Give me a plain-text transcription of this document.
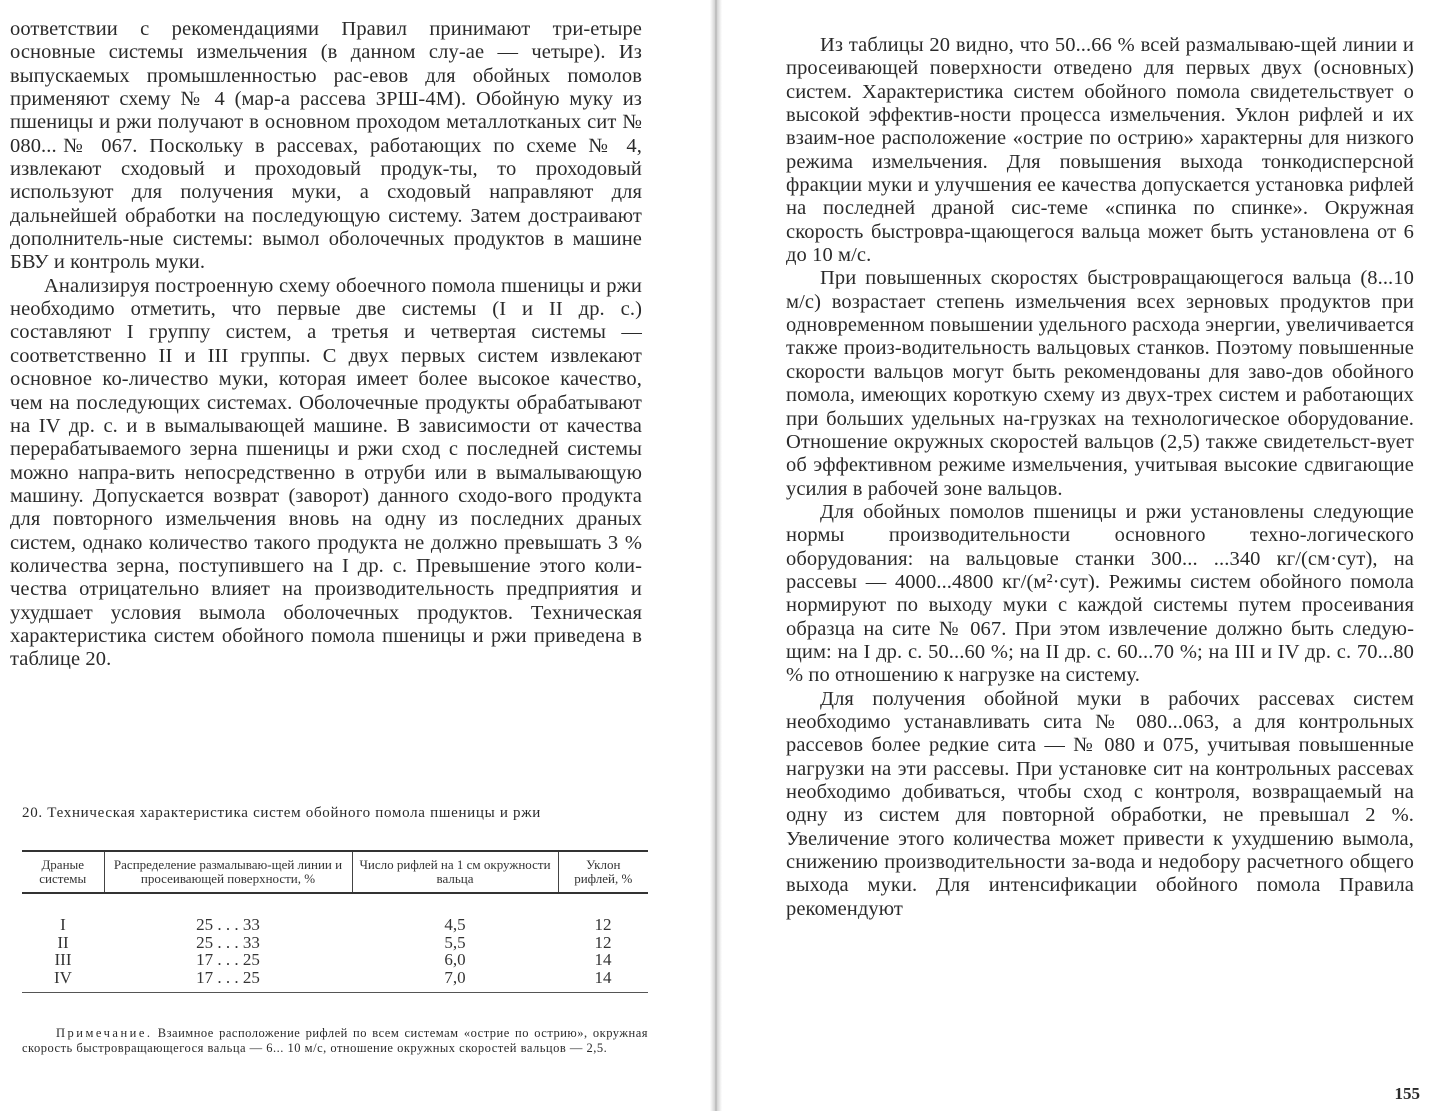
оответствии с рекомендациями Правил принимают три-етыре основные системы измельчения (в данном слу-ае — четыре). Из выпускаемых промышленностью рас-евов для обойных помолов применяют схему № 4 (мар-а рассева ЗРШ-4М). Обойную муку из пшеницы и ржи получают в основном проходом металлотканых сит № 080...№ 067. Поскольку в рассевах, работающих по схеме № 4, извлекают сходовый и проходовый продук-ты, то проходовый используют для получения муки, а сходовый направляют для дальнейшей обработки на последующую систему. Затем достраивают дополнитель-ные системы: вымол оболочечных продуктов в машине БВУ и контроль муки.

Анализируя построенную схему обоечного помола пшеницы и ржи необходимо отметить, что первые две системы (I и II др. с.) составляют I группу систем, а третья и четвертая системы — соответственно II и III группы. С двух первых систем извлекают основное ко-личество муки, которая имеет более высокое качество, чем на последующих системах. Оболочечные продукты обрабатывают на IV др. с. и в вымалывающей машине. В зависимости от качества перерабатываемого зерна пшеницы и ржи сход с последней системы можно напра-вить непосредственно в отруби или в вымалывающую машину. Допускается возврат (заворот) данного сходо-вого продукта для повторного измельчения вновь на одну из последних драных систем, однако количество такого продукта не должно превышать 3 % количества зерна, поступившего на I др. с. Превышение этого коли-чества отрицательно влияет на производительность предприятия и ухудшает условия вымола оболочечных продуктов. Техническая характеристика систем обойного помола пшеницы и ржи приведена в таблице 20.

20. Техническая характеристика систем обойного помола пшеницы и ржи

Драные системы	Распределение размалываю-щей линии и просеивающей поверхности, %	Число рифлей на 1 см окружности вальца	Уклон рифлей, %
I	25 . . . 33	4,5	12
II	25 . . . 33	5,5	12
III	17 . . . 25	6,0	14
IV	17 . . . 25	7,0	14

Примечание. Взаимное расположение рифлей по всем системам «острие по острию», окружная скорость быстровращающегося вальца — 6... 10 м/с, отношение окружных скоростей вальцов — 2,5.

Из таблицы 20 видно, что 50...66 % всей размалываю-щей линии и просеивающей поверхности отведено для первых двух (основных) систем. Характеристика систем обойного помола свидетельствует о высокой эффектив-ности процесса измельчения. Уклон рифлей и их взаим-ное расположение «острие по острию» характерны для низкого режима измельчения. Для повышения выхода тонкодисперсной фракции муки и улучшения ее качества допускается установка рифлей на последней драной сис-теме «спинка по спинке». Окружная скорость быстровра-щающегося вальца может быть установлена от 6 до 10 м/с.

При повышенных скоростях быстровращающегося вальца (8...10 м/с) возрастает степень измельчения всех зерновых продуктов при одновременном повышении удельного расхода энергии, увеличивается также произ-водительность вальцовых станков. Поэтому повышенные скорости вальцов могут быть рекомендованы для заво-дов обойного помола, имеющих короткую схему из двух-трех систем и работающих при больших удельных на-грузках на технологическое оборудование. Отношение окружных скоростей вальцов (2,5) также свидетельст-вует об эффективном режиме измельчения, учитывая высокие сдвигающие усилия в рабочей зоне вальцов.

Для обойных помолов пшеницы и ржи установлены следующие нормы производительности основного техно-логического оборудования: на вальцовые станки 300... ...340 кг/(см·сут), на рассевы — 4000...4800 кг/(м²·сут). Режимы систем обойного помола нормируют по выходу муки с каждой системы путем просеивания образца на сите № 067. При этом извлечение должно быть следую-щим: на I др. с. 50...60 %; на II др. с. 60...70 %; на III и IV др. с. 70...80 % по отношению к нагрузке на систему.

Для получения обойной муки в рабочих рассевах систем необходимо устанавливать сита № 080...063, а для контрольных рассевов более редкие сита — № 080 и 075, учитывая повышенные нагрузки на эти рассевы. При установке сит на контрольных рассевах необходимо добиваться, чтобы сход с контроля, возвращаемый на одну из систем для повторной обработки, не превышал 2 %. Увеличение этого количества может привести к ухудшению вымола, снижению производительности за-вода и недобору расчетного общего выхода муки. Для интенсификации обойного помола Правила рекомендуют

155
